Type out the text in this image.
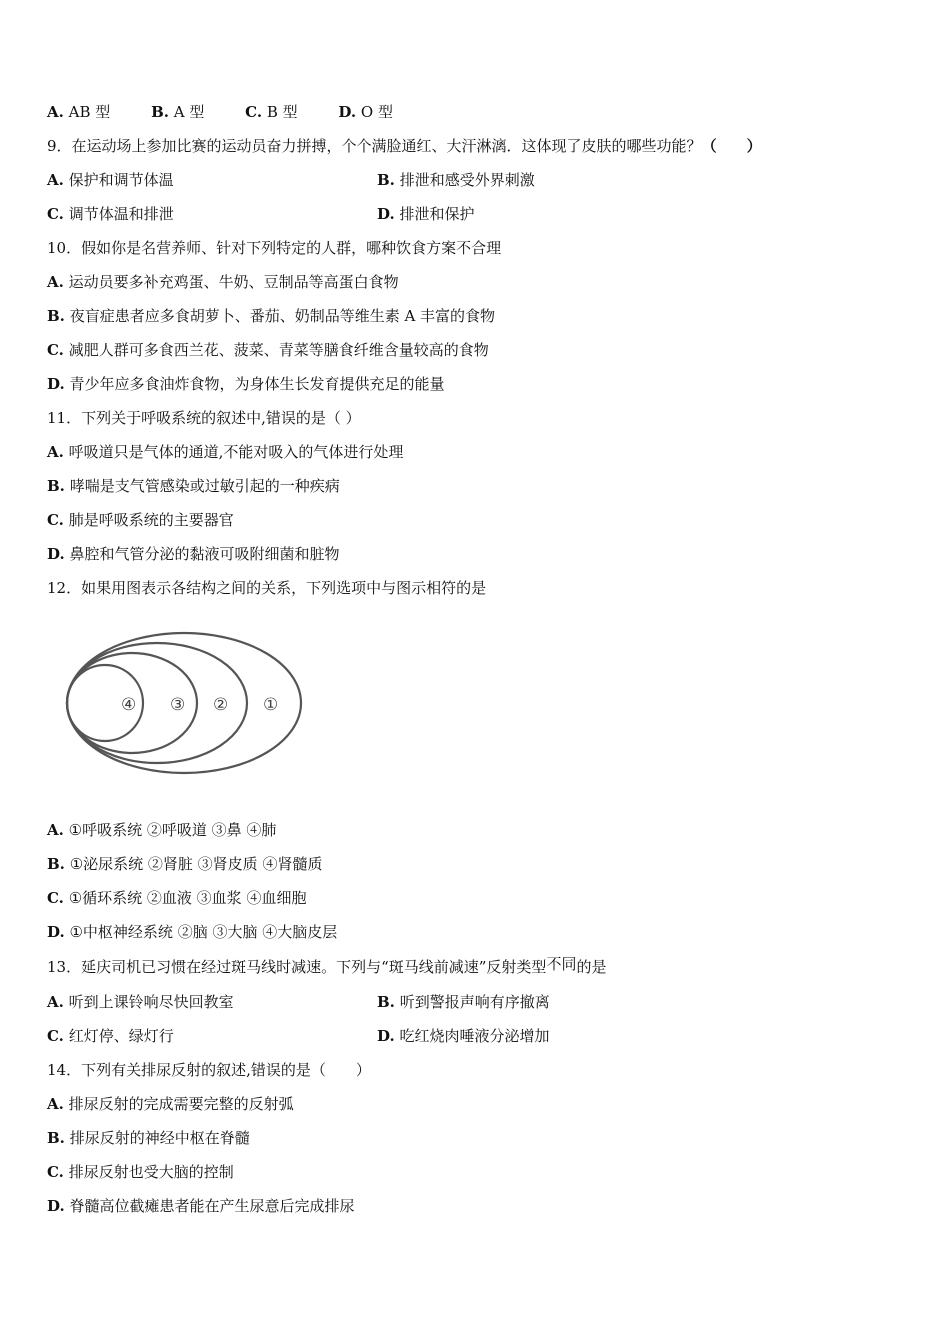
A. AB 型	B. A 型	C. B 型	D. O 型
9．在运动场上参加比赛的运动员奋力拼搏，个个满脸通红、大汗淋漓．这体现了皮肤的哪些功能？（　　）
A. 保护和调节体温	B. 排泄和感受外界刺激
C. 调节体温和排泄	D. 排泄和保护
10．假如你是名营养师、针对下列特定的人群，哪种饮食方案不合理
A. 运动员要多补充鸡蛋、牛奶、豆制品等高蛋白食物
B. 夜盲症患者应多食胡萝卜、番茄、奶制品等维生素 A 丰富的食物
C. 减肥人群可多食西兰花、菠菜、青菜等膳食纤维含量较高的食物
D. 青少年应多食油炸食物，为身体生长发育提供充足的能量
11．下列关于呼吸系统的叙述中,错误的是（ ）
A. 呼吸道只是气体的通道,不能对吸入的气体进行处理
B. 哮喘是支气管感染或过敏引起的一种疾病
C. 肺是呼吸系统的主要器官
D. 鼻腔和气管分泌的黏液可吸附细菌和脏物
12．如果用图表示各结构之间的关系，下列选项中与图示相符的是
④ ③ ② ①
A. ①呼吸系统 ②呼吸道 ③鼻 ④肺
B. ①泌尿系统 ②肾脏 ③肾皮质 ④肾髓质
C. ①循环系统 ②血液 ③血浆 ④血细胞
D. ①中枢神经系统 ②脑 ③大脑 ④大脑皮层
13．延庆司机已习惯在经过斑马线时减速。下列与“斑马线前减速”反射类型不同的是
A. 听到上课铃响尽快回教室	B. 听到警报声响有序撤离
C. 红灯停、绿灯行	D. 吃红烧肉唾液分泌增加
14．下列有关排尿反射的叙述,错误的是（　　）
A. 排尿反射的完成需要完整的反射弧
B. 排尿反射的神经中枢在脊髓
C. 排尿反射也受大脑的控制
D. 脊髓高位截瘫患者能在产生尿意后完成排尿
